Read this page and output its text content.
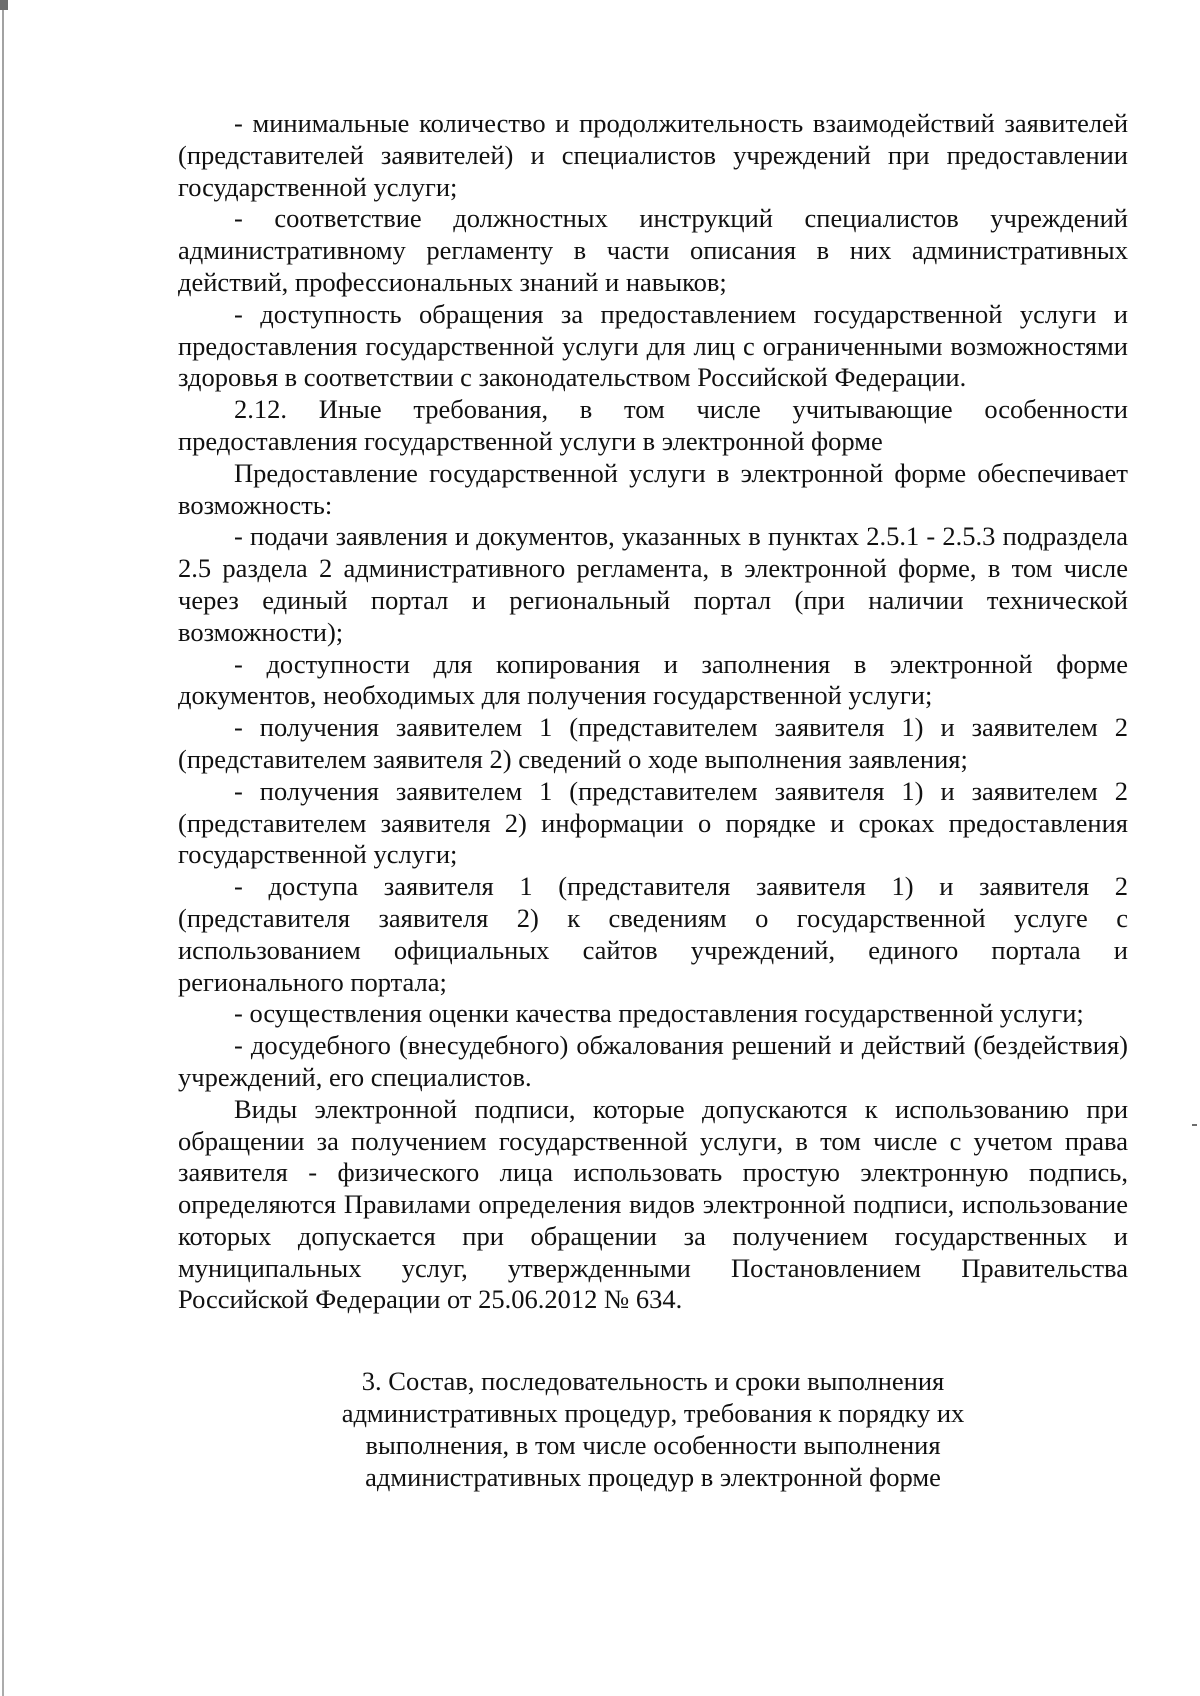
- минимальные количество и продолжительность взаимодействий заявителей (представителей заявителей) и специалистов учреждений при предоставлении государственной услуги;

- соответствие должностных инструкций специалистов учреждений административному регламенту в части описания в них административных действий, профессиональных знаний и навыков;

- доступность обращения за предоставлением государственной услуги и предоставления государственной услуги для лиц с ограниченными возможностями здоровья в соответствии с законодательством Российской Федерации.

2.12. Иные требования, в том числе учитывающие особенности предоставления государственной услуги в электронной форме

Предоставление государственной услуги в электронной форме обеспечивает возможность:

- подачи заявления и документов, указанных в пунктах 2.5.1 - 2.5.3 подраздела 2.5 раздела 2 административного регламента, в электронной форме, в том числе через единый портал и региональный портал (при наличии технической возможности);

- доступности для копирования и заполнения в электронной форме документов, необходимых для получения государственной услуги;

- получения заявителем 1 (представителем заявителя 1) и заявителем 2 (представителем заявителя 2) сведений о ходе выполнения заявления;

- получения заявителем 1 (представителем заявителя 1) и заявителем 2 (представителем заявителя 2) информации о порядке и сроках предоставления государственной услуги;

- доступа заявителя 1 (представителя заявителя 1) и заявителя 2 (представителя заявителя 2) к сведениям о государственной услуге с использованием официальных сайтов учреждений, единого портала и регионального портала;

- осуществления оценки качества предоставления государственной услуги;

- досудебного (внесудебного) обжалования решений и действий (бездействия) учреждений, его специалистов.

Виды электронной подписи, которые допускаются к использованию при обращении за получением государственной услуги, в том числе с учетом права заявителя - физического лица использовать простую электронную подпись, определяются Правилами определения видов электронной подписи, использование которых допускается при обращении за получением государственных и муниципальных услуг, утвержденными Постановлением Правительства Российской Федерации от 25.06.2012 № 634.

3. Состав, последовательность и сроки выполнения административных процедур, требования к порядку их выполнения, в том числе особенности выполнения административных процедур в электронной форме
